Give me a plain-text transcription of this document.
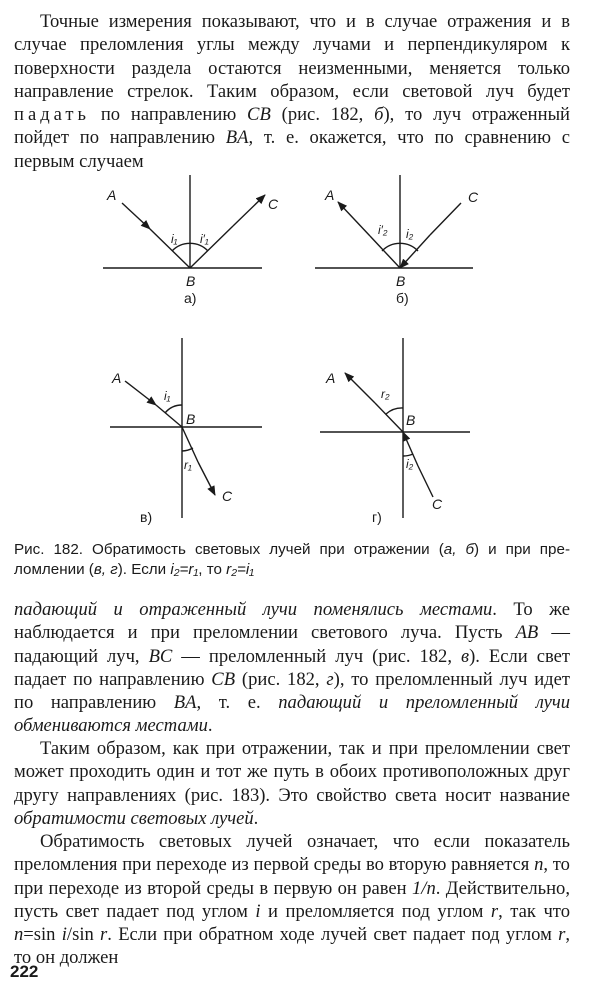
Точные измерения показывают, что и в случае отражения и в случае преломления углы между лучами и перпендикуляром к поверхности раздела остаются неизменными, меняется только направление стрелок. Таким образом, если световой луч будет падать по направлению CB (рис. 182, б), то луч отраженный пойдет по направлению BA, т. е. окажется, что по сравнению с первым случаем

A
C
B
i₁ i′₁
а)
A	C
B
i′₂ i₂
б)
A
C
B
i₁
r₁
в)
A
C
B
r₂
i₂
г)

Рис. 182. Обратимость световых лучей при отражении (а, б) и при преломлении (в, г). Если i₂=r₁, то r₂=i₁

падающий и отраженный лучи поменялись местами. То же наблюдается и при преломлении светового луча. Пусть AB — падающий луч, BC — преломленный луч (рис. 182, в). Если свет падает по направлению CB (рис. 182, г), то преломленный луч идет по направлению BA, т. е. падающий и преломленный лучи обмениваются местами.

Таким образом, как при отражении, так и при преломлении свет может проходить один и тот же путь в обоих противоположных друг другу направлениях (рис. 183). Это свойство света носит название обратимости световых лучей.

Обратимость световых лучей означает, что если показатель преломления при переходе из первой среды во вторую равняется n, то при переходе из второй среды в первую он равен 1/n. Действительно, пусть свет падает под углом i и преломляется под углом r, так что n=sin i/sin r. Если при обратном ходе лучей свет падает под углом r, то он должен

222
